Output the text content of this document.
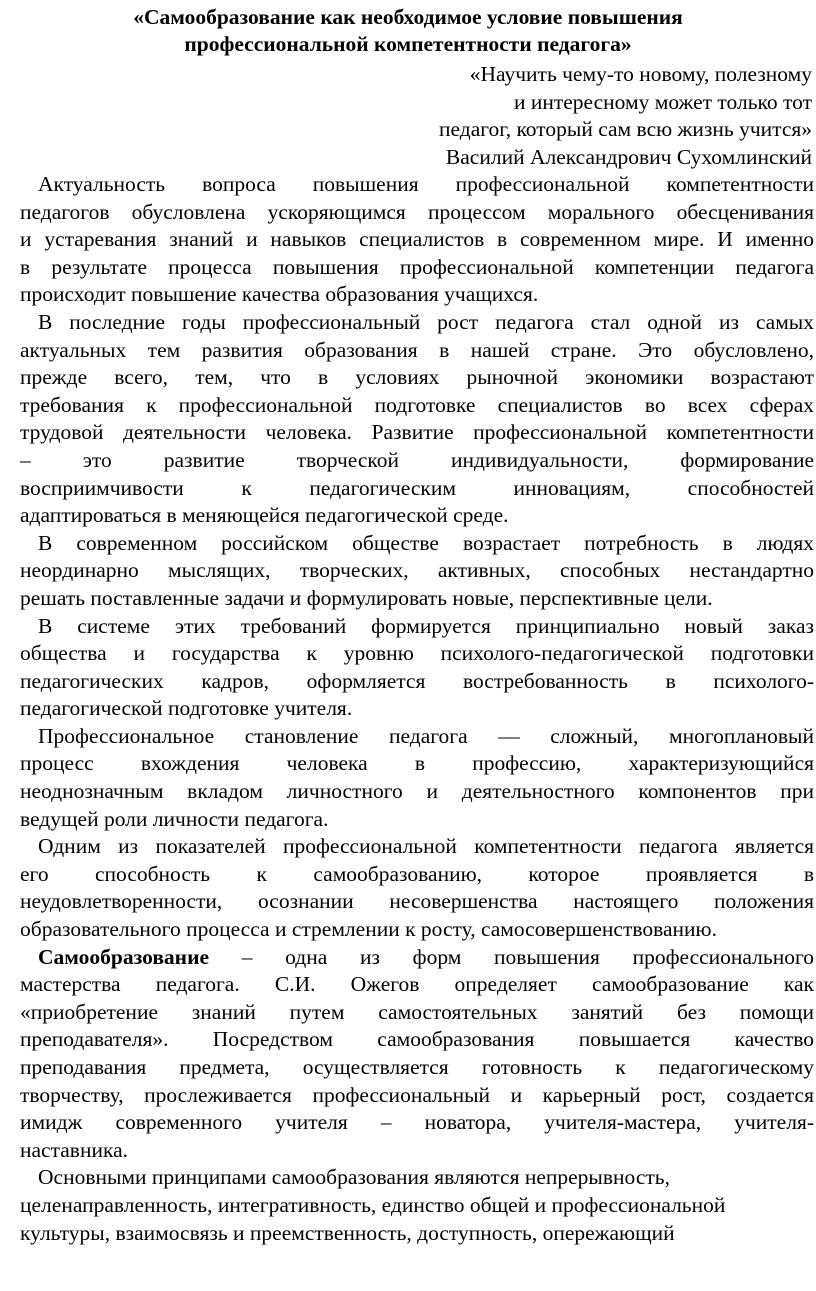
«Самообразование как необходимое условие повышения
профессиональной компетентности педагога»
«Научить чему-то новому, полезному
и интересному может только тот
педагог, который сам всю жизнь учится»
Василий Александрович Сухомлинский
Актуальность вопроса повышения профессиональной компетентности
педагогов обусловлена ускоряющимся процессом морального обесценивания
и устаревания знаний и навыков специалистов в современном мире. И именно
в результате процесса повышения профессиональной компетенции педагога
происходит повышение качества образования учащихся.
В последние годы профессиональный рост педагога стал одной из самых
актуальных тем развития образования в нашей стране. Это обусловлено,
прежде всего, тем, что в условиях рыночной экономики возрастают
требования к профессиональной подготовке специалистов во всех сферах
трудовой деятельности человека. Развитие профессиональной компетентности
– это развитие творческой индивидуальности, формирование
восприимчивости к педагогическим инновациям, способностей
адаптироваться в меняющейся педагогической среде.
В современном российском обществе возрастает потребность в людях
неординарно мыслящих, творческих, активных, способных нестандартно
решать поставленные задачи и формулировать новые, перспективные цели.
В системе этих требований формируется принципиально новый заказ
общества и государства к уровню психолого-педагогической подготовки
педагогических кадров, оформляется востребованность в психолого-
педагогической подготовке учителя.
Профессиональное становление педагога — сложный, многоплановый
процесс вхождения человека в профессию, характеризующийся
неоднозначным вкладом личностного и деятельностного компонентов при
ведущей роли личности педагога.
Одним из показателей профессиональной компетентности педагога является
его способность к самообразованию, которое проявляется в
неудовлетворенности, осознании несовершенства настоящего положения
образовательного процесса и стремлении к росту, самосовершенствованию.
Самообразование – одна из форм повышения профессионального
мастерства педагога. С.И. Ожегов определяет самообразование как
«приобретение знаний путем самостоятельных занятий без помощи
преподавателя». Посредством самообразования повышается качество
преподавания предмета, осуществляется готовность к педагогическому
творчеству, прослеживается профессиональный и карьерный рост, создается
имидж современного учителя – новатора, учителя-мастера, учителя-
наставника.
Основными принципами самообразования являются непрерывность,
целенаправленность, интегративность, единство общей и профессиональной
культуры, взаимосвязь и преемственность, доступность, опережающий
